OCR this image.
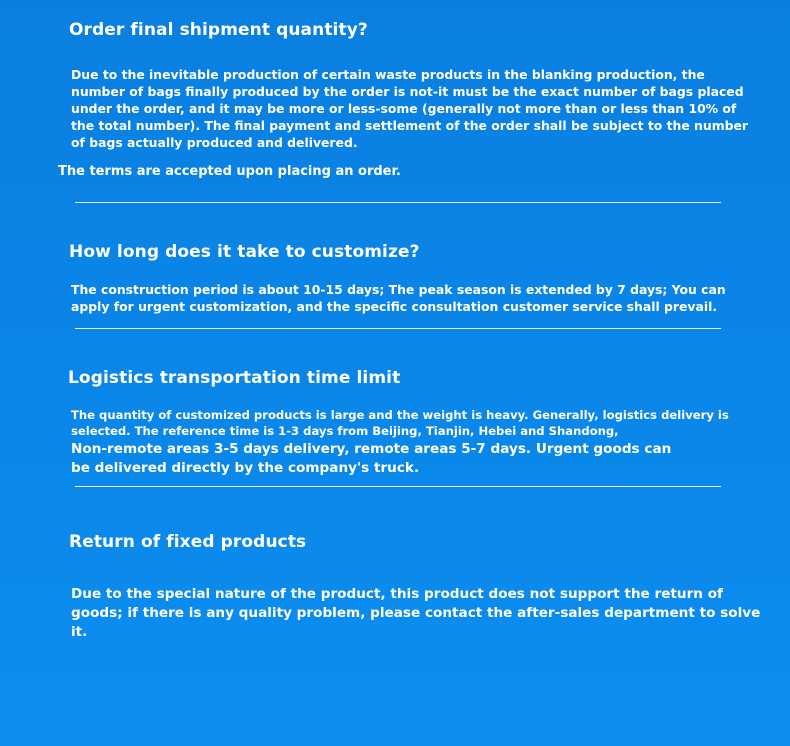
Order final shipment quantity?

Due to the inevitable production of certain waste products in the blanking production, the number of bags finally produced by the order is not-it must be the exact number of bags placed under the order, and it may be more or less-some (generally not more than or less than 10% of the total number). The final payment and settlement of the order shall be subject to the number of bags actually produced and delivered.

The terms are accepted upon placing an order.

How long does it take to customize?

The construction period is about 10-15 days; The peak season is extended by 7 days; You can apply for urgent customization, and the specific consultation customer service shall prevail.

Logistics transportation time limit

The quantity of customized products is large and the weight is heavy. Generally, logistics delivery is selected. The reference time is 1-3 days from Beijing, Tianjin, Hebei and Shandong,

Non-remote areas 3-5 days delivery, remote areas 5-7 days. Urgent goods can be delivered directly by the company's truck.

Return of fixed products

Due to the special nature of the product, this product does not support the return of goods; if there is any quality problem, please contact the after-sales department to solve it.
